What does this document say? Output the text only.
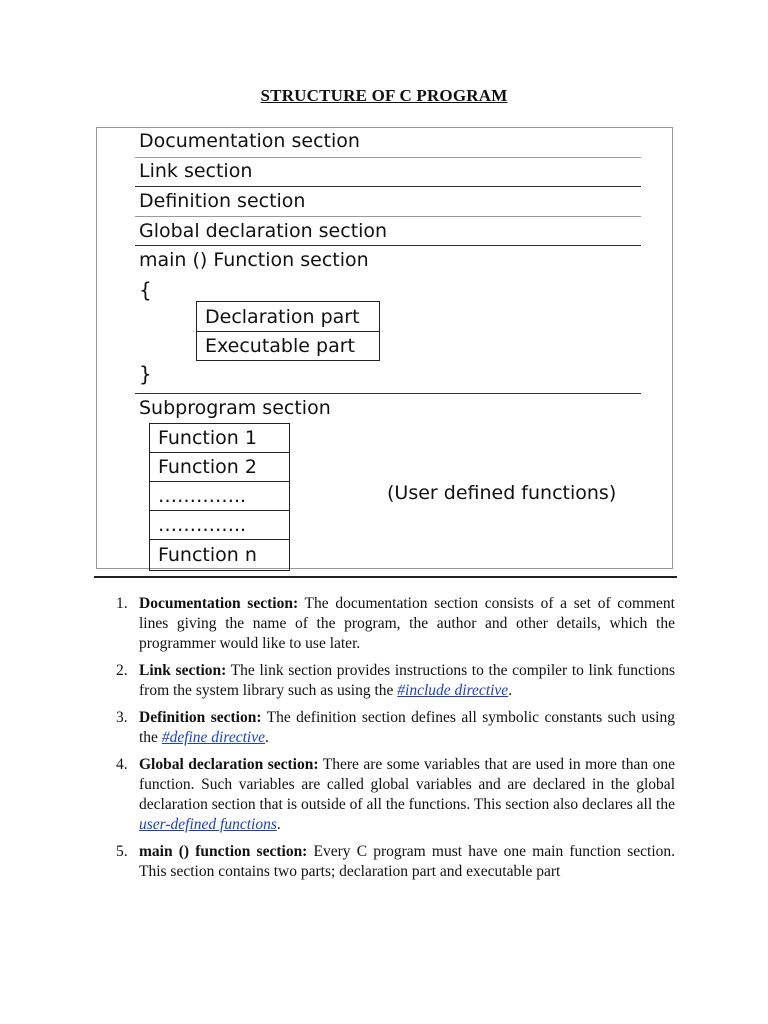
STRUCTURE OF C PROGRAM
Documentation section
Link section
Definition section
Global declaration section
main () Function section
{
Declaration part
Executable part
}
Subprogram section
Function 1
Function 2
…………..
…………..
Function n
(User defined functions)
1. Documentation section: The documentation section consists of a set of comment lines giving the name of the program, the author and other details, which the programmer would like to use later.
2. Link section: The link section provides instructions to the compiler to link functions from the system library such as using the #include directive.
3. Definition section: The definition section defines all symbolic constants such using the #define directive.
4. Global declaration section: There are some variables that are used in more than one function. Such variables are called global variables and are declared in the global declaration section that is outside of all the functions. This section also declares all the user-defined functions.
5. main () function section: Every C program must have one main function section. This section contains two parts; declaration part and executable part
